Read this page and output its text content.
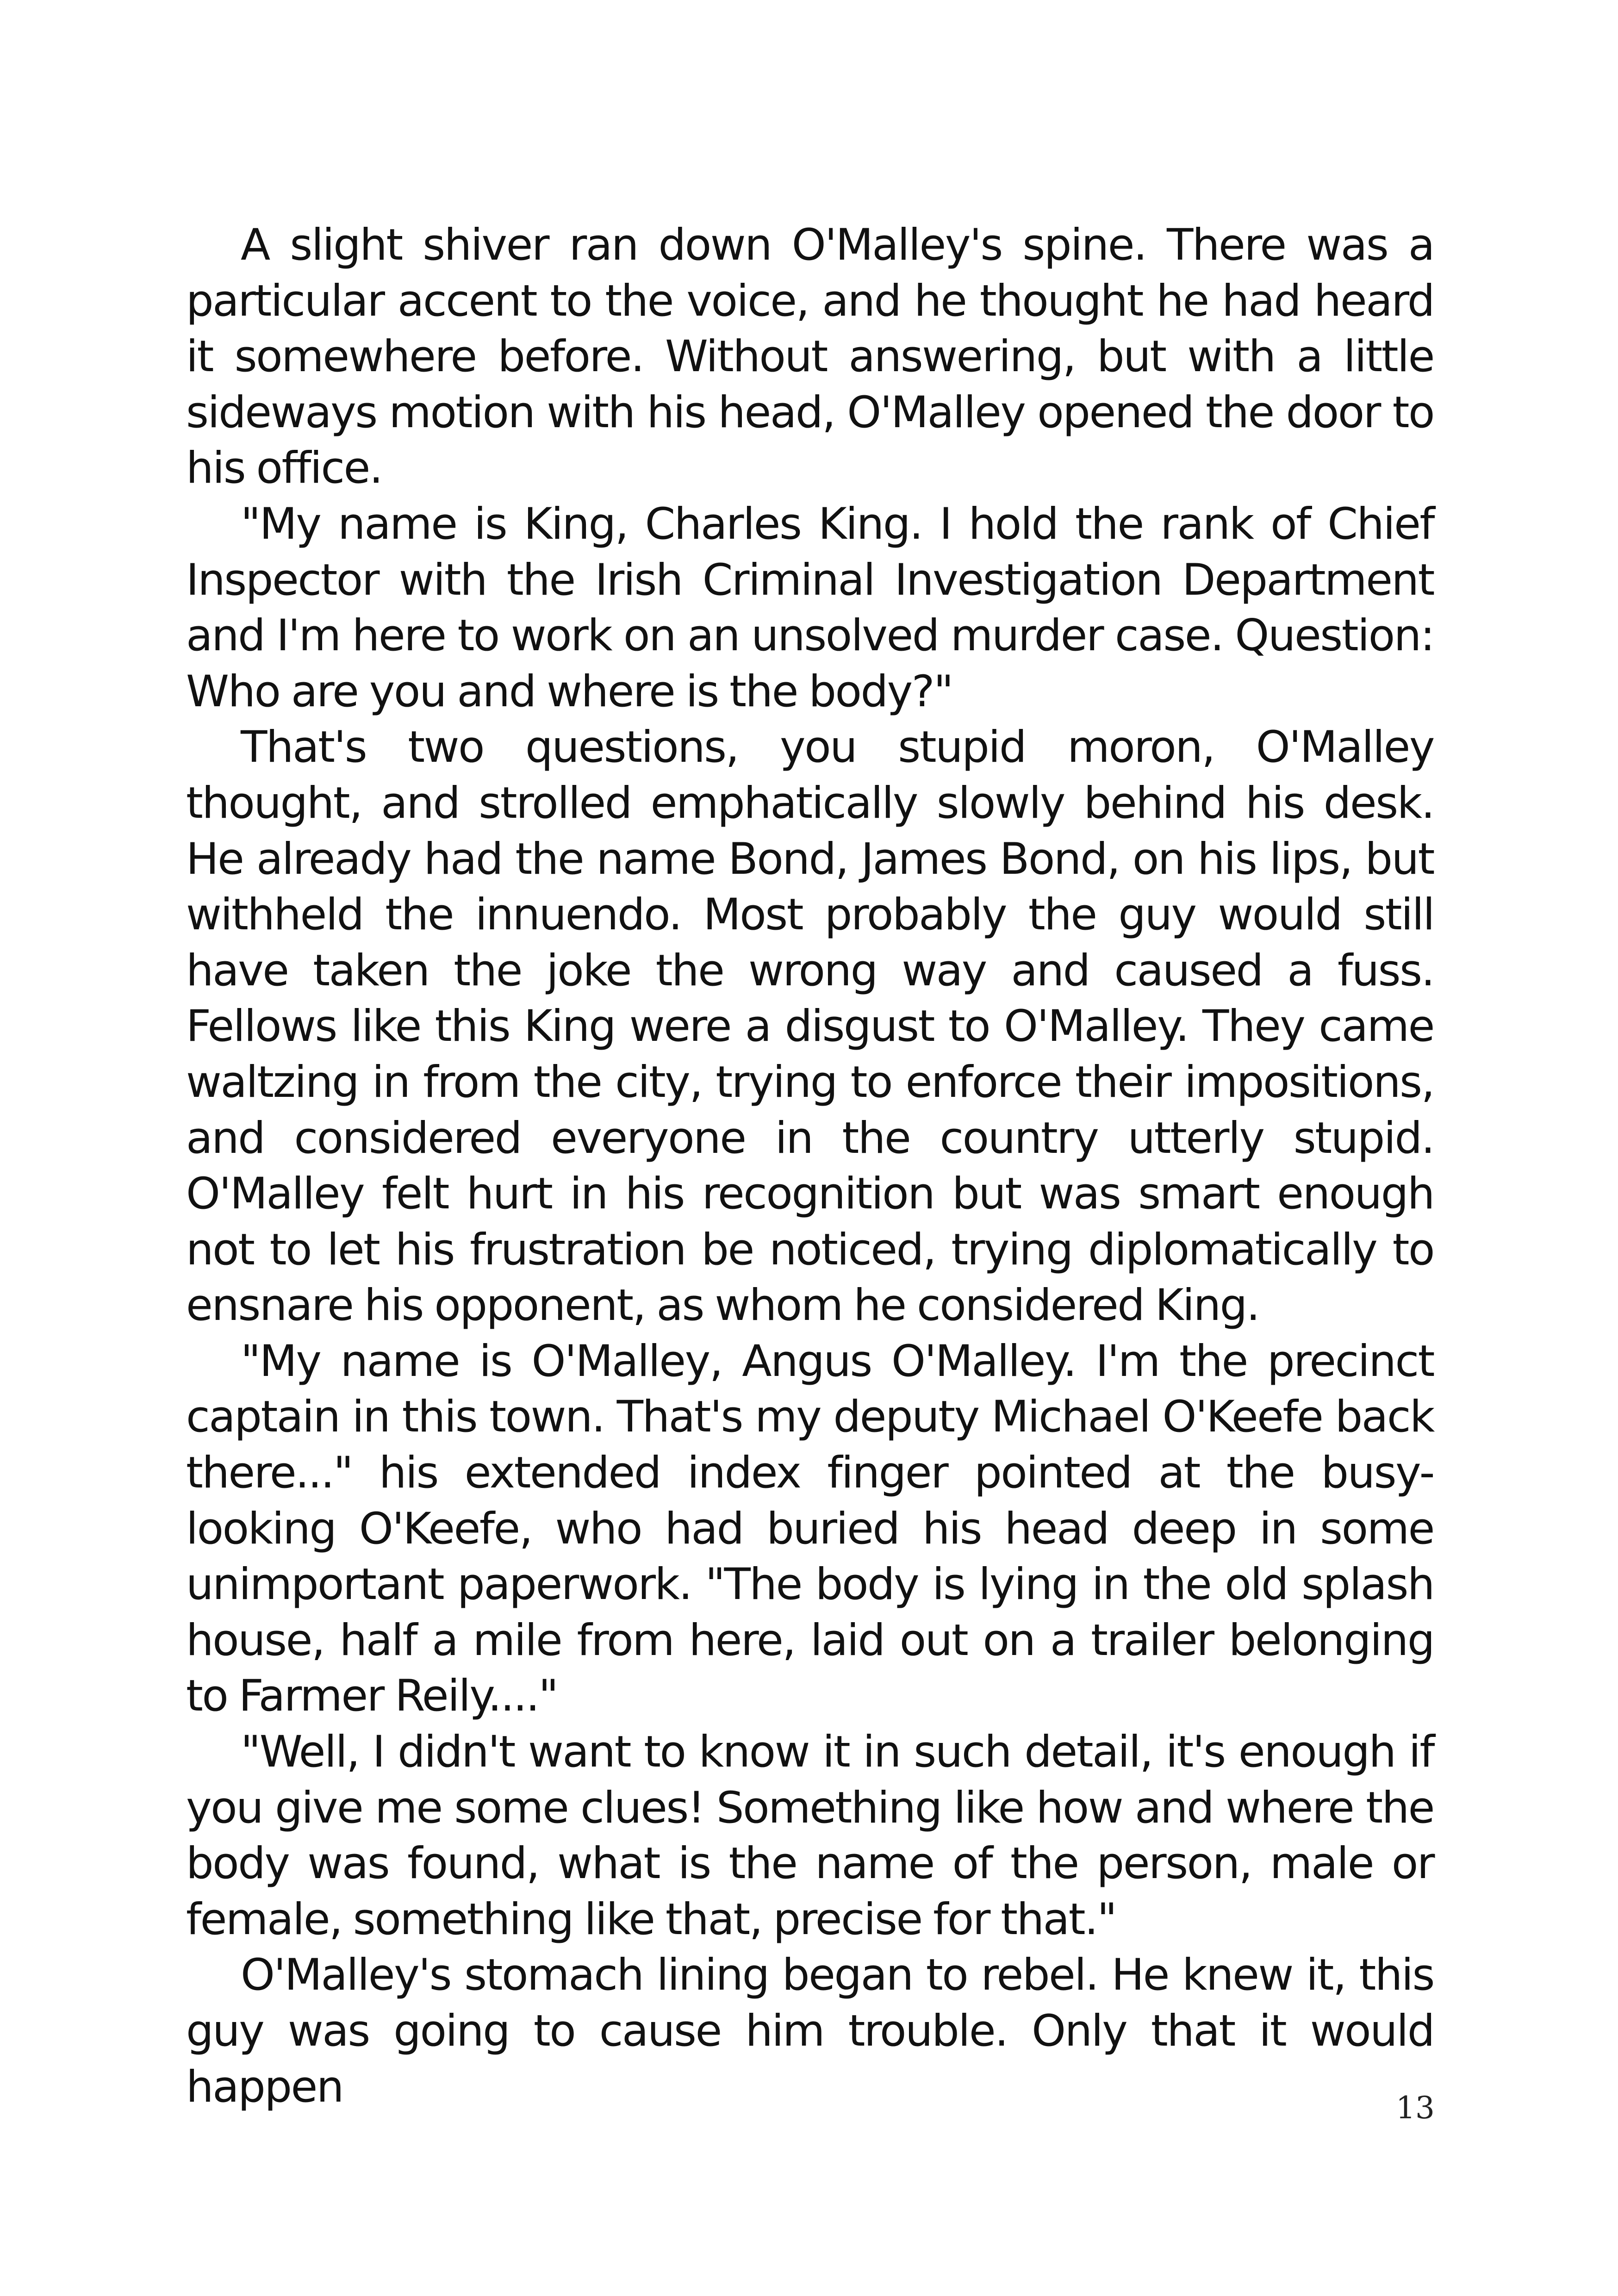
A slight shiver ran down O'Malley's spine. There was a particular accent to the voice, and he thought he had heard it somewhere before. Without answering, but with a little sideways motion with his head, O'Malley opened the door to his office.

"My name is King, Charles King. I hold the rank of Chief Inspector with the Irish Criminal Investigation Department and I'm here to work on an unsolved murder case. Question: Who are you and where is the body?"

That's two questions, you stupid moron, O'Malley thought, and strolled emphatically slowly behind his desk. He already had the name Bond, James Bond, on his lips, but withheld the innuendo. Most probably the guy would still have taken the joke the wrong way and caused a fuss. Fellows like this King were a disgust to O'Malley. They came waltzing in from the city, trying to enforce their impositions, and considered everyone in the country utterly stupid. O'Malley felt hurt in his recognition but was smart enough not to let his frustration be noticed, trying diplomatically to ensnare his opponent, as whom he considered King.

"My name is O'Malley, Angus O'Malley. I'm the precinct captain in this town. That's my deputy Michael O'Keefe back there..." his extended index finger pointed at the busy-looking O'Keefe, who had buried his head deep in some unimportant paperwork. "The body is lying in the old splash house, half a mile from here, laid out on a trailer belonging to Farmer Reily...."

"Well, I didn't want to know it in such detail, it's enough if you give me some clues! Something like how and where the body was found, what is the name of the person, male or female, something like that, precise for that."

O'Malley's stomach lining began to rebel. He knew it, this guy was going to cause him trouble. Only that it would happen	13
